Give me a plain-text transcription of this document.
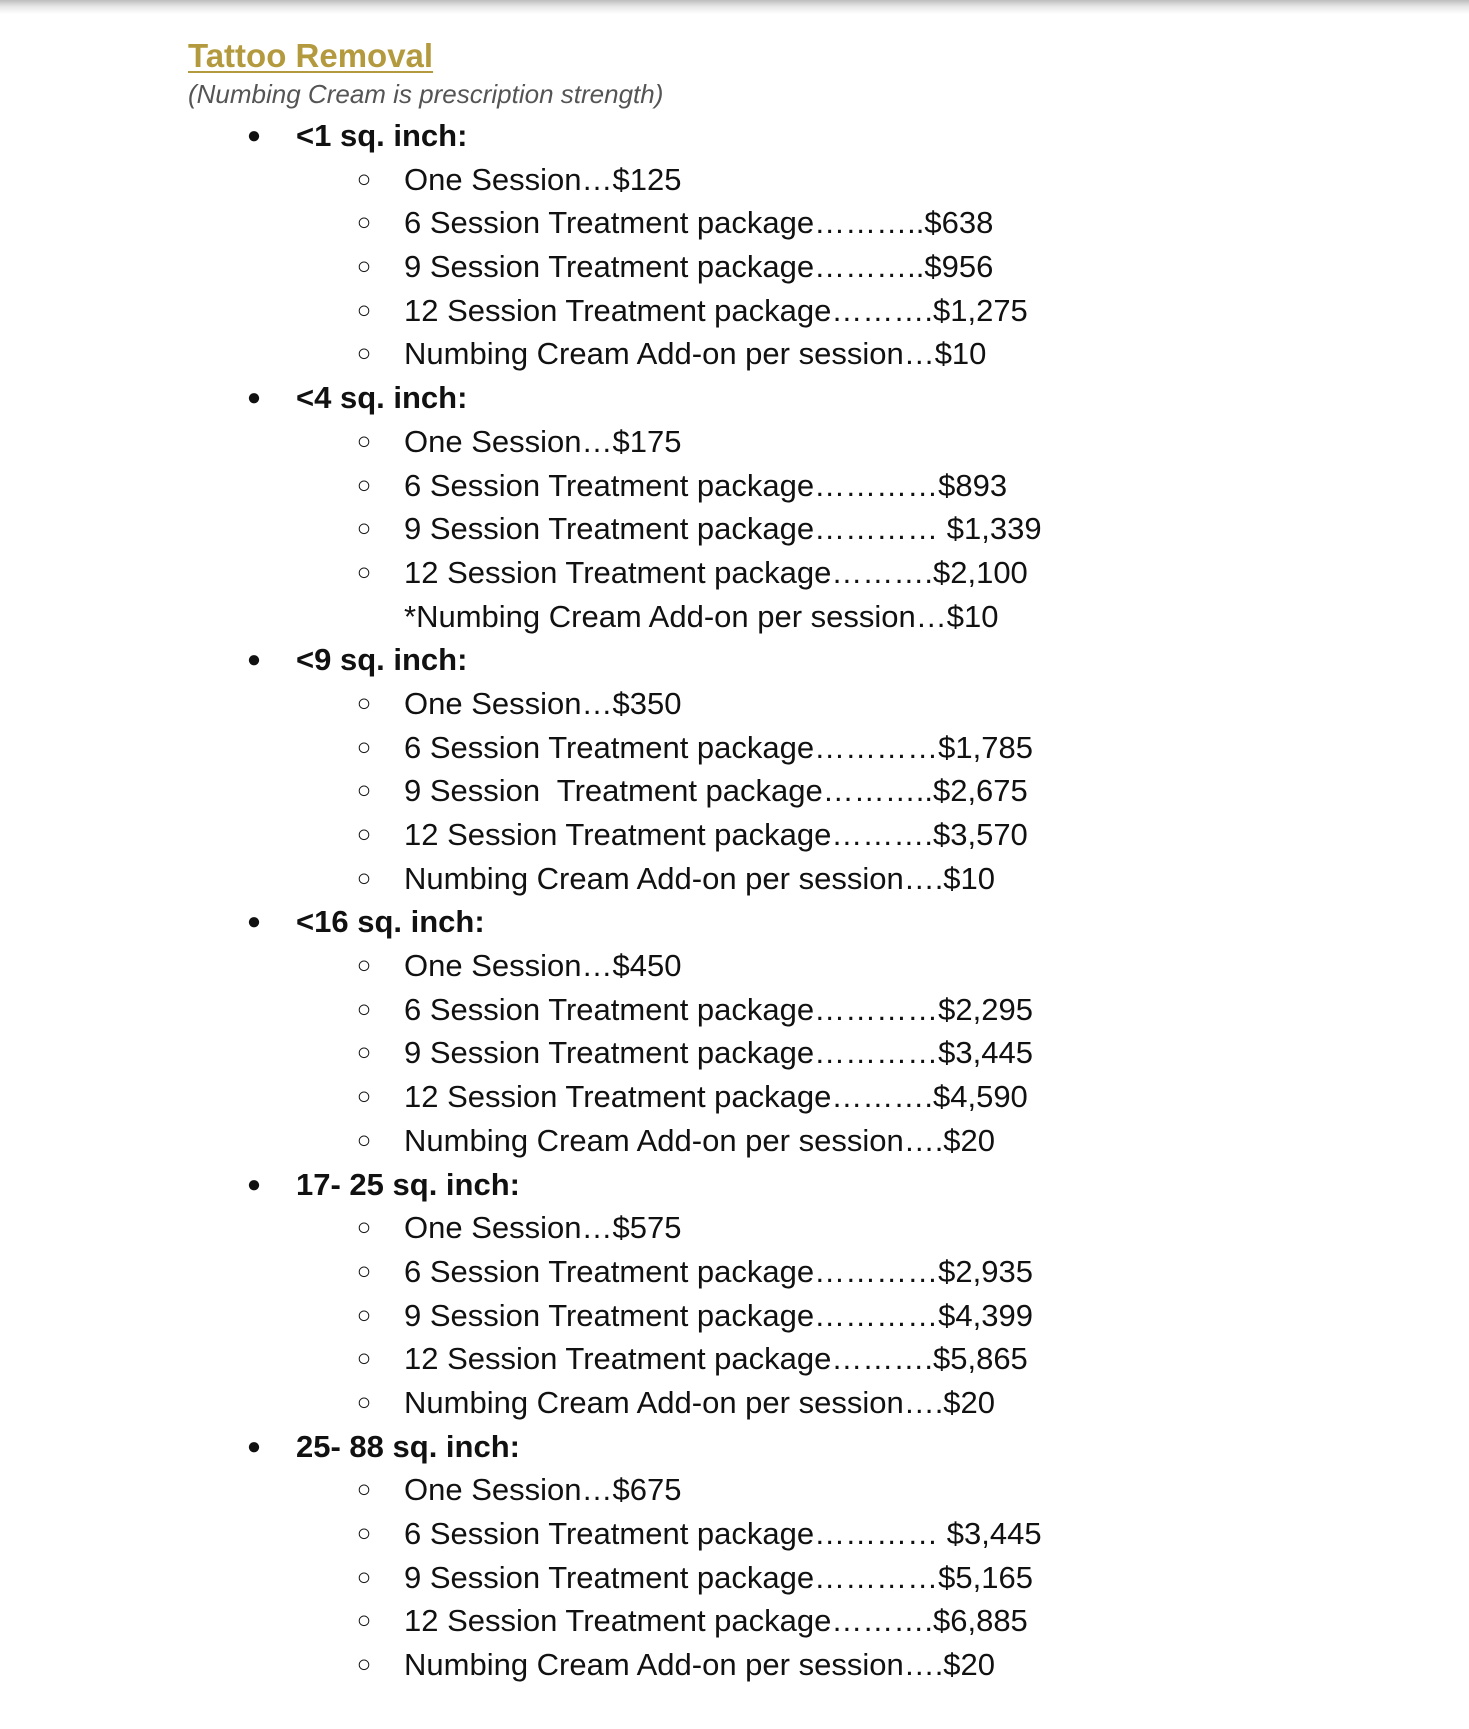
Tattoo Removal

(Numbing Cream is prescription strength)

● <1 sq. inch:
○ One Session…$125
○ 6 Session Treatment package………..$638
○ 9 Session Treatment package………..$956
○ 12 Session Treatment package……….$1,275
○ Numbing Cream Add-on per session…$10
● <4 sq. inch:
○ One Session…$175
○ 6 Session Treatment package…………$893
○ 9 Session Treatment package………… $1,339
○ 12 Session Treatment package……….$2,100
*Numbing Cream Add-on per session…$10
● <9 sq. inch:
○ One Session…$350
○ 6 Session Treatment package…………$1,785
○ 9 Session  Treatment package………..$2,675
○ 12 Session Treatment package……….$3,570
○ Numbing Cream Add-on per session….$10
● <16 sq. inch:
○ One Session…$450
○ 6 Session Treatment package…………$2,295
○ 9 Session Treatment package…………$3,445
○ 12 Session Treatment package……….$4,590
○ Numbing Cream Add-on per session….$20
● 17- 25 sq. inch:
○ One Session…$575
○ 6 Session Treatment package…………$2,935
○ 9 Session Treatment package…………$4,399
○ 12 Session Treatment package……….$5,865
○ Numbing Cream Add-on per session….$20
● 25- 88 sq. inch:
○ One Session…$675
○ 6 Session Treatment package………… $3,445
○ 9 Session Treatment package…………$5,165
○ 12 Session Treatment package……….$6,885
○ Numbing Cream Add-on per session….$20
